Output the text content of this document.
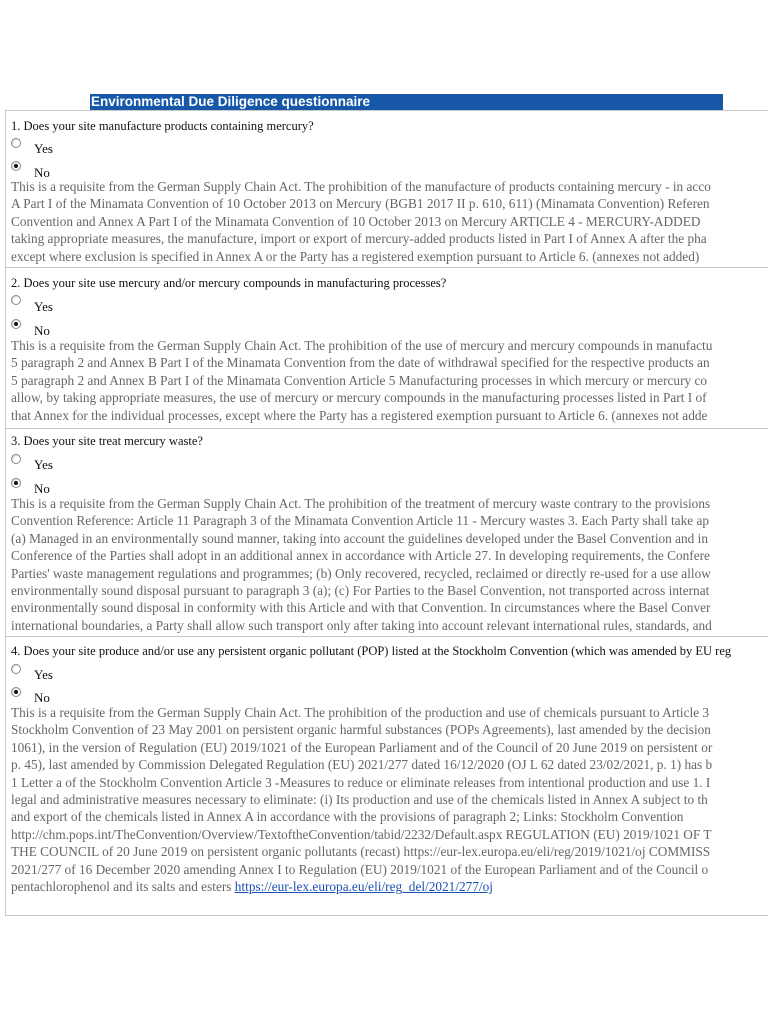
Environmental Due Diligence questionnaire
1. Does your site manufacture products containing mercury?
Yes
No
This is a requisite from the German Supply Chain Act. The prohibition of the manufacture of products containing mercury - in acco
A Part I of the Minamata Convention of 10 October 2013 on Mercury (BGB1 2017 II p. 610, 611) (Minamata Convention) Referen
Convention and Annex A Part I of the Minamata Convention of 10 October 2013 on Mercury ARTICLE 4 - MERCURY-ADDED
taking appropriate measures, the manufacture, import or export of mercury-added products listed in Part I of Annex A after the pha
except where exclusion is specified in Annex A or the Party has a registered exemption pursuant to Article 6. (annexes not added)
2. Does your site use mercury and/or mercury compounds in manufacturing processes?
Yes
No
This is a requisite from the German Supply Chain Act. The prohibition of the use of mercury and mercury compounds in manufactu
5 paragraph 2 and Annex B Part I of the Minamata Convention from the date of withdrawal specified for the respective products an
5 paragraph 2 and Annex B Part I of the Minamata Convention Article 5 Manufacturing processes in which mercury or mercury co
allow, by taking appropriate measures, the use of mercury or mercury compounds in the manufacturing processes listed in Part I of
that Annex for the individual processes, except where the Party has a registered exemption pursuant to Article 6. (annexes not adde
3. Does your site treat mercury waste?
Yes
No
This is a requisite from the German Supply Chain Act. The prohibition of the treatment of mercury waste contrary to the provisions
Convention Reference: Article 11 Paragraph 3 of the Minamata Convention Article 11 - Mercury wastes 3. Each Party shall take ap
(a) Managed in an environmentally sound manner, taking into account the guidelines developed under the Basel Convention and in
Conference of the Parties shall adopt in an additional annex in accordance with Article 27. In developing requirements, the Confere
Parties' waste management regulations and programmes; (b) Only recovered, recycled, reclaimed or directly re-used for a use allow
environmentally sound disposal pursuant to paragraph 3 (a); (c) For Parties to the Basel Convention, not transported across internat
environmentally sound disposal in conformity with this Article and with that Convention. In circumstances where the Basel Conver
international boundaries, a Party shall allow such transport only after taking into account relevant international rules, standards, and
4. Does your site produce and/or use any persistent organic pollutant (POP) listed at the Stockholm Convention (which was amended by EU reg
Yes
No
This is a requisite from the German Supply Chain Act. The prohibition of the production and use of chemicals pursuant to Article 3
Stockholm Convention of 23 May 2001 on persistent organic harmful substances (POPs Agreements), last amended by the decision
1061), in the version of Regulation (EU) 2019/1021 of the European Parliament and of the Council of 20 June 2019 on persistent or
p. 45), last amended by Commission Delegated Regulation (EU) 2021/277 dated 16/12/2020 (OJ L 62 dated 23/02/2021, p. 1) has b
1 Letter a of the Stockholm Convention Article 3 -Measures to reduce or eliminate releases from intentional production and use 1. I
legal and administrative measures necessary to eliminate: (i) Its production and use of the chemicals listed in Annex A subject to th
and export of the chemicals listed in Annex A in accordance with the provisions of paragraph 2; Links: Stockholm Convention
http://chm.pops.int/TheConvention/Overview/TextoftheConvention/tabid/2232/Default.aspx REGULATION (EU) 2019/1021 OF T
THE COUNCIL of 20 June 2019 on persistent organic pollutants (recast) https://eur-lex.europa.eu/eli/reg/2019/1021/oj COMMISS
2021/277 of 16 December 2020 amending Annex I to Regulation (EU) 2019/1021 of the European Parliament and of the Council o
pentachlorophenol and its salts and esters https://eur-lex.europa.eu/eli/reg_del/2021/277/oj
